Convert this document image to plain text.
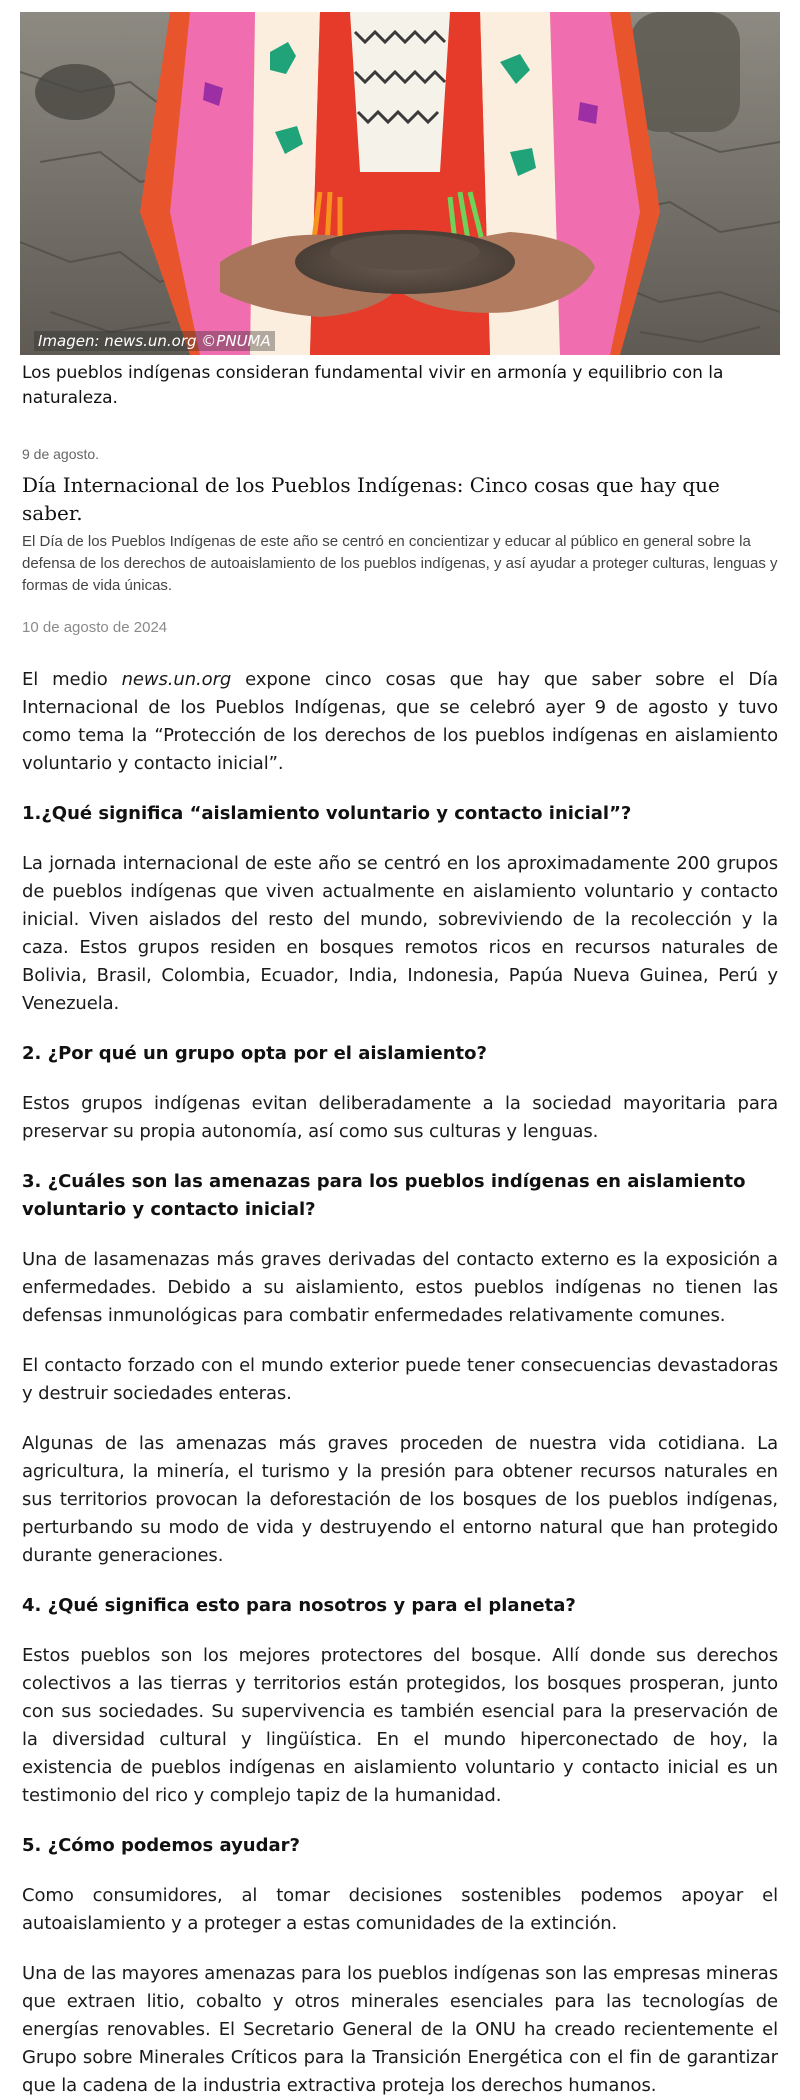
Imagen: news.un.org ©PNUMA

Los pueblos indígenas consideran fundamental vivir en armonía y equilibrio con la naturaleza.

9 de agosto.
Día Internacional de los Pueblos Indígenas: Cinco cosas que hay que saber.

El Día de los Pueblos Indígenas de este año se centró en concientizar y educar al público en general sobre la defensa de los derechos de autoaislamiento de los pueblos indígenas, y así ayudar a proteger culturas, lenguas y formas de vida únicas.

10 de agosto de 2024

El medio news.un.org expone cinco cosas que hay que saber sobre el Día Internacional de los Pueblos Indígenas, que se celebró ayer 9 de agosto y tuvo como tema la “Protección de los derechos de los pueblos indígenas en aislamiento voluntario y contacto inicial”.

1.¿Qué significa “aislamiento voluntario y contacto inicial”?

La jornada internacional de este año se centró en los aproximadamente 200 grupos de pueblos indígenas que viven actualmente en aislamiento voluntario y contacto inicial. Viven aislados del resto del mundo, sobreviviendo de la recolección y la caza. Estos grupos residen en bosques remotos ricos en recursos naturales de Bolivia, Brasil, Colombia, Ecuador, India, Indonesia, Papúa Nueva Guinea, Perú y Venezuela.

2. ¿Por qué un grupo opta por el aislamiento?

Estos grupos indígenas evitan deliberadamente a la sociedad mayoritaria para preservar su propia autonomía, así como sus culturas y lenguas.

3. ¿Cuáles son las amenazas para los pueblos indígenas en aislamiento voluntario y contacto inicial?

Una de lasamenazas más graves derivadas del contacto externo es la exposición a enfermedades. Debido a su aislamiento, estos pueblos indígenas no tienen las defensas inmunológicas para combatir enfermedades relativamente comunes.

El contacto forzado con el mundo exterior puede tener consecuencias devastadoras y destruir sociedades enteras.

Algunas de las amenazas más graves proceden de nuestra vida cotidiana. La agricultura, la minería, el turismo y la presión para obtener recursos naturales en sus territorios provocan la deforestación de los bosques de los pueblos indígenas, perturbando su modo de vida y destruyendo el entorno natural que han protegido durante generaciones.

4. ¿Qué significa esto para nosotros y para el planeta?

Estos pueblos son los mejores protectores del bosque. Allí donde sus derechos colectivos a las tierras y territorios están protegidos, los bosques prosperan, junto con sus sociedades. Su supervivencia es también esencial para la preservación de la diversidad cultural y lingüística. En el mundo hiperconectado de hoy, la existencia de pueblos indígenas en aislamiento voluntario y contacto inicial es un testimonio del rico y complejo tapiz de la humanidad.

5. ¿Cómo podemos ayudar?

Como consumidores, al tomar decisiones sostenibles podemos apoyar el autoaislamiento y a proteger a estas comunidades de la extinción.

Una de las mayores amenazas para los pueblos indígenas son las empresas mineras que extraen litio, cobalto y otros minerales esenciales para las tecnologías de energías renovables. El Secretario General de la ONU ha creado recientemente el Grupo sobre Minerales Críticos para la Transición Energética con el fin de garantizar que la cadena de la industria extractiva proteja los derechos humanos.
